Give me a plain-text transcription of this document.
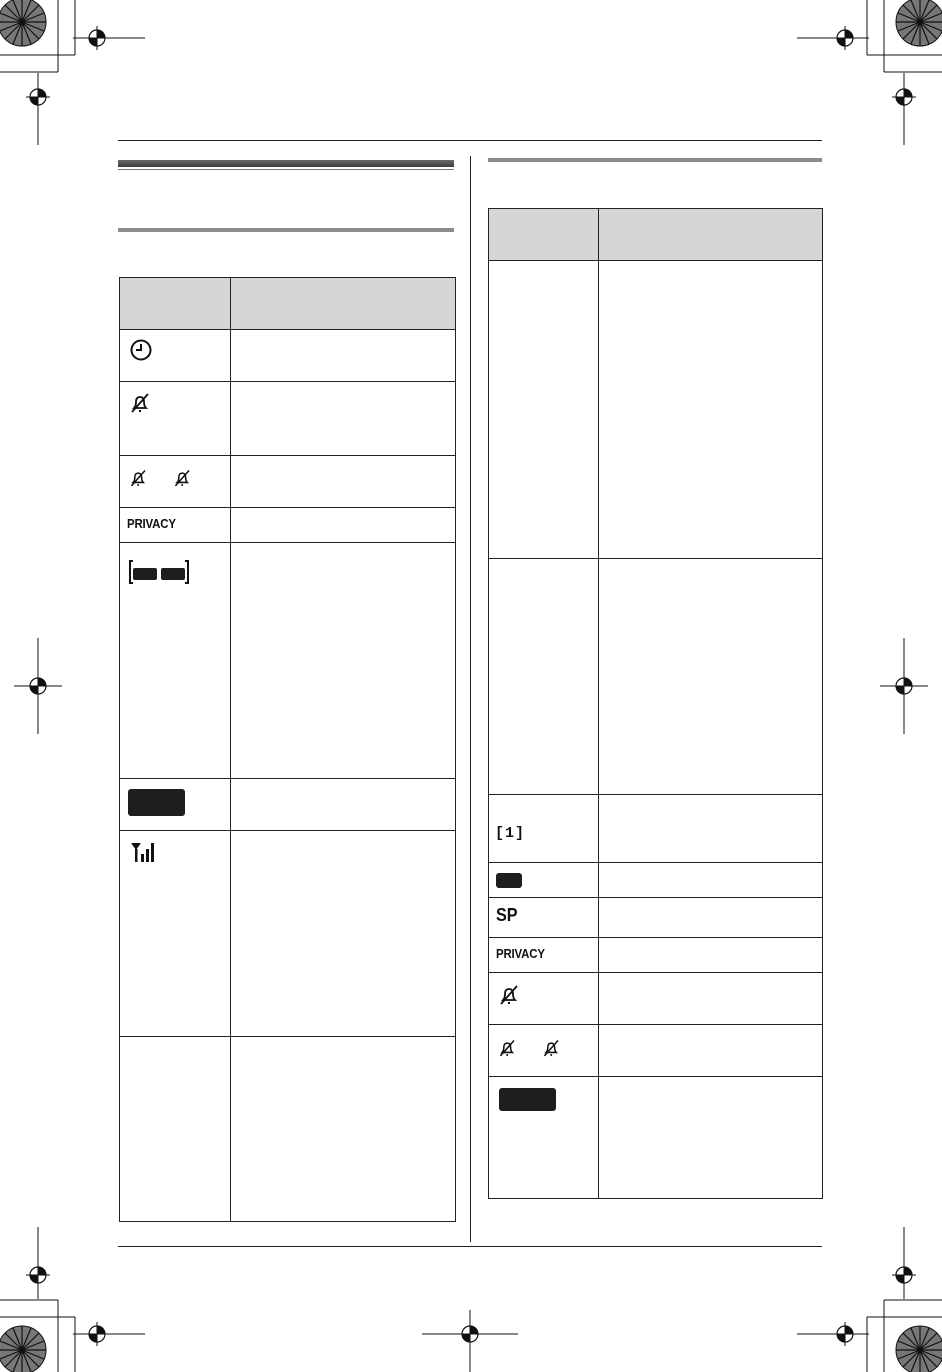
PRIVACY	

[1]	

SP	

PRIVACY	
